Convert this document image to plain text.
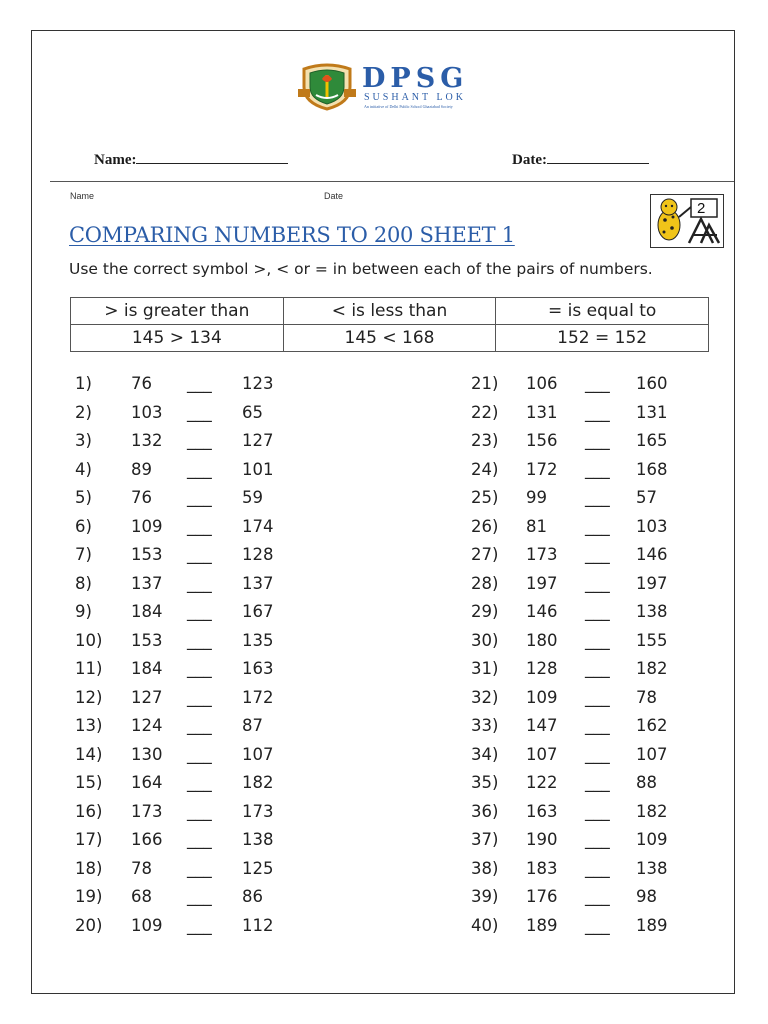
DPSG
SUSHANT LOK
An initiative of Delhi Public School Ghaziabad Society
Name:	Date:
Name	Date
2
COMPARING NUMBERS TO 200 SHEET 1
Use the correct symbol >, < or = in between each of the pairs of numbers.
> is greater than	< is less than	= is equal to
145 > 134	145 < 168	152 = 152
1) 76 ___ 123
2) 103 ___ 65
3) 132 ___ 127
4) 89 ___ 101
5) 76 ___ 59
6) 109 ___ 174
7) 153 ___ 128
8) 137 ___ 137
9) 184 ___ 167
10) 153 ___ 135
11) 184 ___ 163
12) 127 ___ 172
13) 124 ___ 87
14) 130 ___ 107
15) 164 ___ 182
16) 173 ___ 173
17) 166 ___ 138
18) 78 ___ 125
19) 68 ___ 86
20) 109 ___ 112
21) 106 ___ 160
22) 131 ___ 131
23) 156 ___ 165
24) 172 ___ 168
25) 99 ___ 57
26) 81 ___ 103
27) 173 ___ 146
28) 197 ___ 197
29) 146 ___ 138
30) 180 ___ 155
31) 128 ___ 182
32) 109 ___ 78
33) 147 ___ 162
34) 107 ___ 107
35) 122 ___ 88
36) 163 ___ 182
37) 190 ___ 109
38) 183 ___ 138
39) 176 ___ 98
40) 189 ___ 189
